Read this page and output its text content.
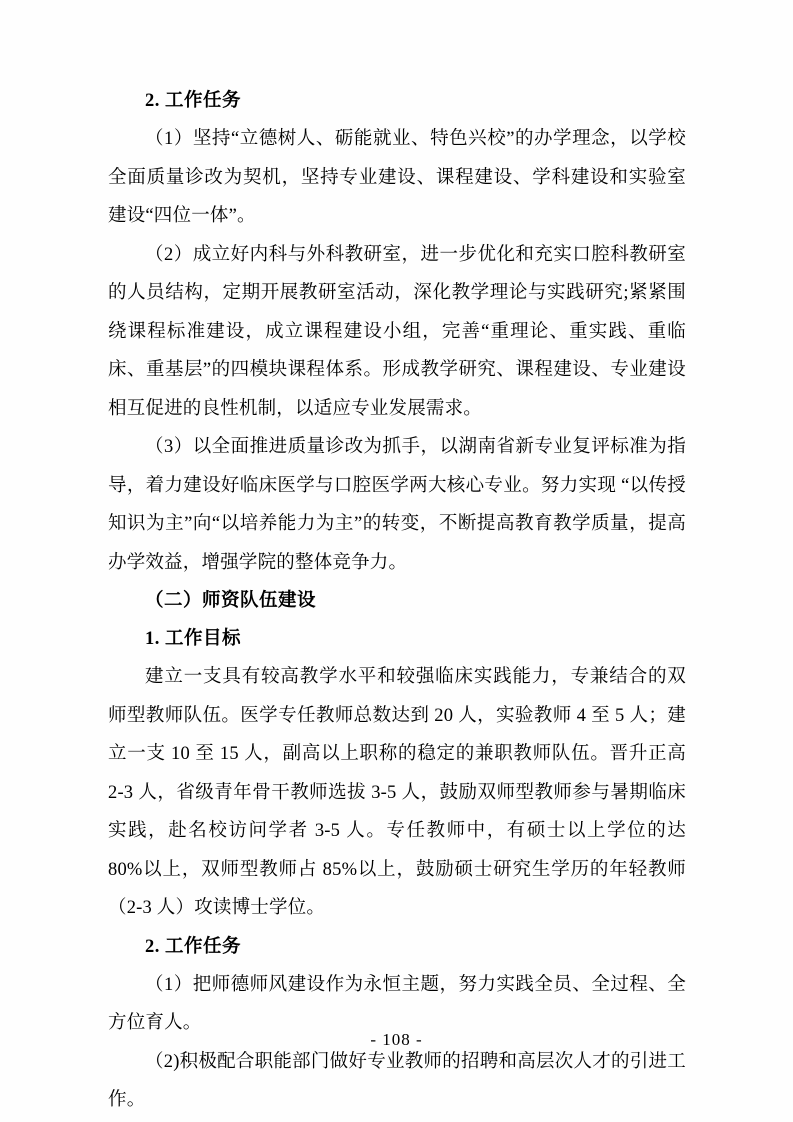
2. 工作任务

（1）坚持“立德树人、砺能就业、特色兴校”的办学理念，以学校全面质量诊改为契机，坚持专业建设、课程建设、学科建设和实验室建设“四位一体”。

（2）成立好内科与外科教研室，进一步优化和充实口腔科教研室的人员结构，定期开展教研室活动，深化教学理论与实践研究;紧紧围绕课程标准建设，成立课程建设小组，完善“重理论、重实践、重临床、重基层”的四模块课程体系。形成教学研究、课程建设、专业建设相互促进的良性机制，以适应专业发展需求。

（3）以全面推进质量诊改为抓手，以湖南省新专业复评标准为指导，着力建设好临床医学与口腔医学两大核心专业。努力实现 “以传授知识为主”向“以培养能力为主”的转变，不断提高教育教学质量，提高办学效益，增强学院的整体竞争力。

（二）师资队伍建设
1. 工作目标

建立一支具有较高教学水平和较强临床实践能力，专兼结合的双师型教师队伍。医学专任教师总数达到 20 人，实验教师 4 至 5 人；建立一支 10 至 15 人，副高以上职称的稳定的兼职教师队伍。晋升正高 2-3 人，省级青年骨干教师选拔 3-5 人，鼓励双师型教师参与暑期临床实践，赴名校访问学者 3-5 人。专任教师中，有硕士以上学位的达 80%以上，双师型教师占 85%以上，鼓励硕士研究生学历的年轻教师（2-3 人）攻读博士学位。

2. 工作任务

（1）把师德师风建设作为永恒主题，努力实践全员、全过程、全方位育人。

（2)积极配合职能部门做好专业教师的招聘和高层次人才的引进工作。

- 108 -
